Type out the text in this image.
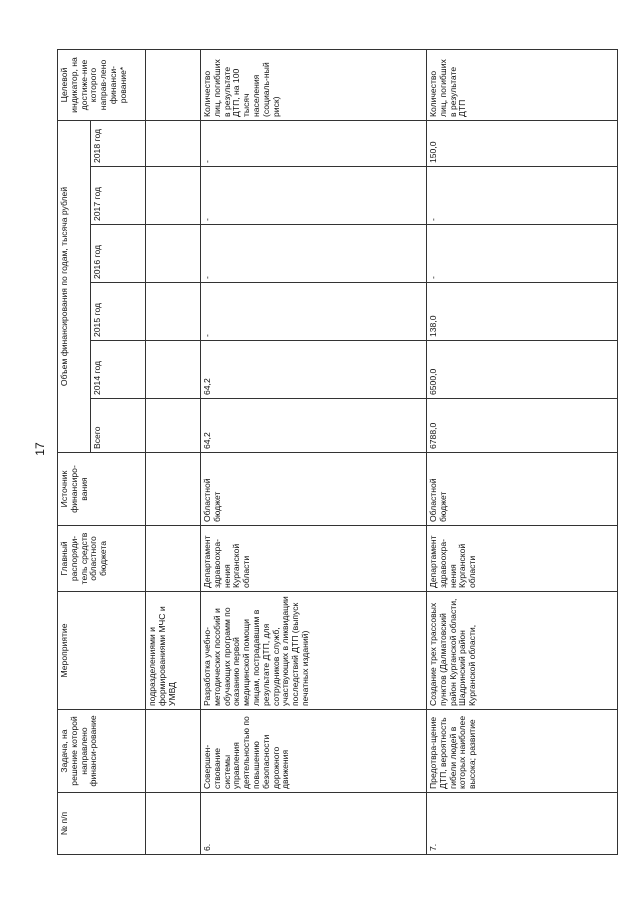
17
№ п/п	Задача, на решение которой направлено финанси-рование	Мероприятие	Главный распоряди-тель средств областного бюджета	Источник финансиро-вания	Объем финансирования по годам, тысяча рублей						Целевой индикатор, на достиже-ние которого направ-лено финанси-рование*
					Всего	2014 год	2015 год	2016 год	2017 год	2018 год	
		подразделениями и формированиями МЧС и УМВД									
6.	Совершен-ствование системы управления деятельностью по повышению безопасности дорожного движения	Разработка учебно-методических пособий и обучающих программ по оказанию первой медицинской помощи лицам, пострадавшим в результате ДТП, для сотрудников служб, участвующих в ликвидации последствий ДТП (выпуск печатных изданий)	Департамент здравоохра-нения Курганской области	Областной бюджет	64,2	64,2	-	-	-	-	Количество лиц, погибших в результате ДТП, на 100 тысяч населения (социаль-ный риск)
7.	Предотвра-щение ДТП, вероятность гибели людей в которых наиболее высока; развитие	Создание трех трассовых пунктов (Далматовский район Курганской области, Шадринский район Курганской области,	Департамент здравоохра-нения Курганской области	Областной бюджет	6788,0	6500,0	138,0	-	-	150,0	Количество лиц, погибших в результате ДТП
